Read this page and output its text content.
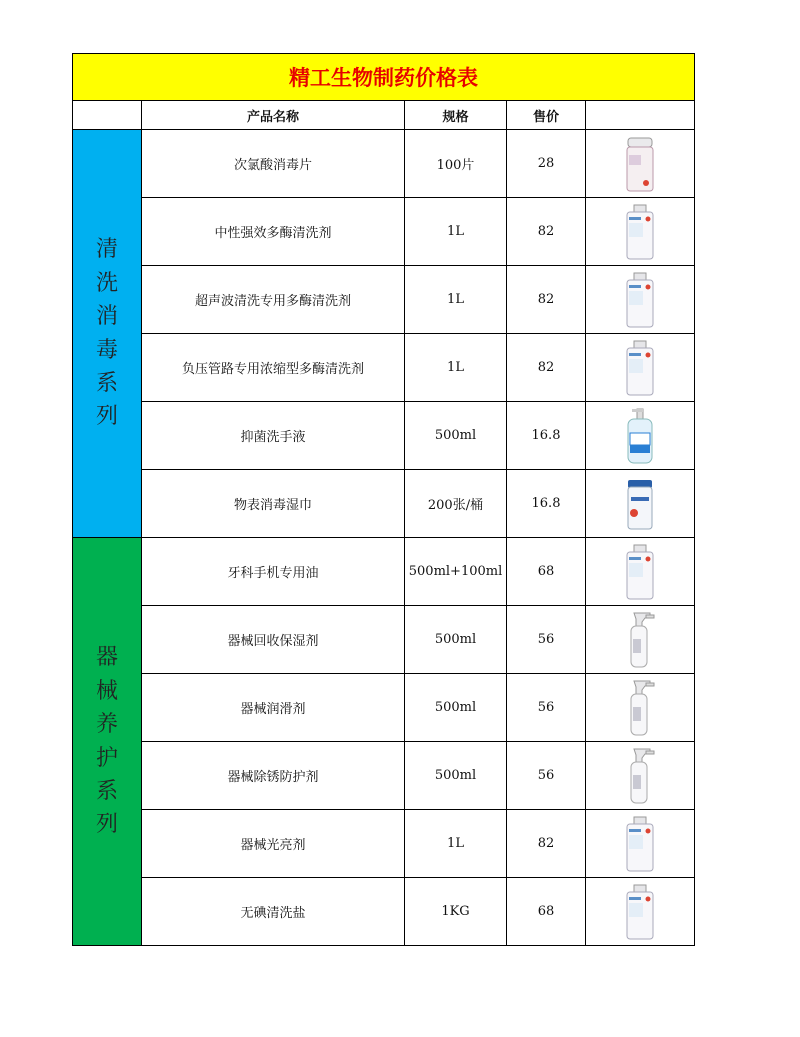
精工生物制药价格表				
	产品名称	规格	售价	
清洗消毒系列	次氯酸消毒片	100片	28	

	中性强效多酶清洗剂	1L	82	

	超声波清洗专用多酶清洗剂	1L	82	

	负压管路专用浓缩型多酶清洗剂	1L	82	

	抑菌洗手液	500ml	16.8	

	物表消毒湿巾	200张/桶	16.8	

器械养护系列	牙科手机专用油	500ml+100ml	68	

	器械回收保湿剂	500ml	56	

	器械润滑剂	500ml	56	

	器械除锈防护剂	500ml	56	

	器械光亮剂	1L	82	

	无碘清洗盐	1KG	68	
